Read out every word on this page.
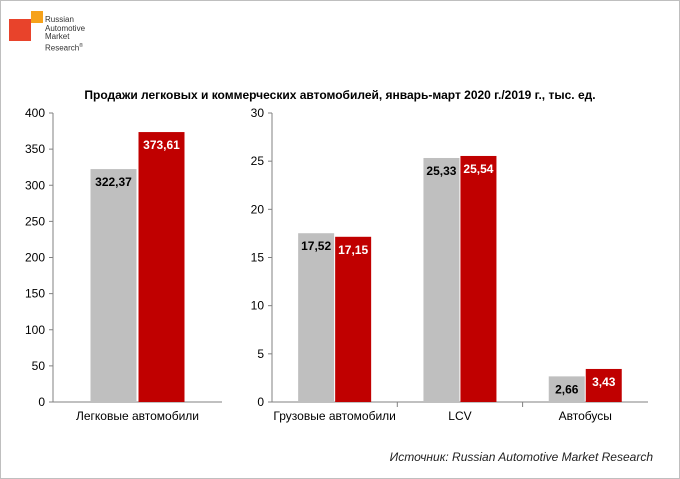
НАПИ Russian
Automotive
Market
Research®
Продажи легковых и коммерческих автомобилей, январь-март 2020 г./2019 г., тыс. ед.
0
50
100
150
200
250
300
350
400
Легковые автомобили
322,37
373,61
0
5
10
15
20
25
30
Грузовые автомобили
17,52 17,15
LCV
25,33 25,54
Автобусы
2,66
3,43
Источник: Russian Automotive Market Research
